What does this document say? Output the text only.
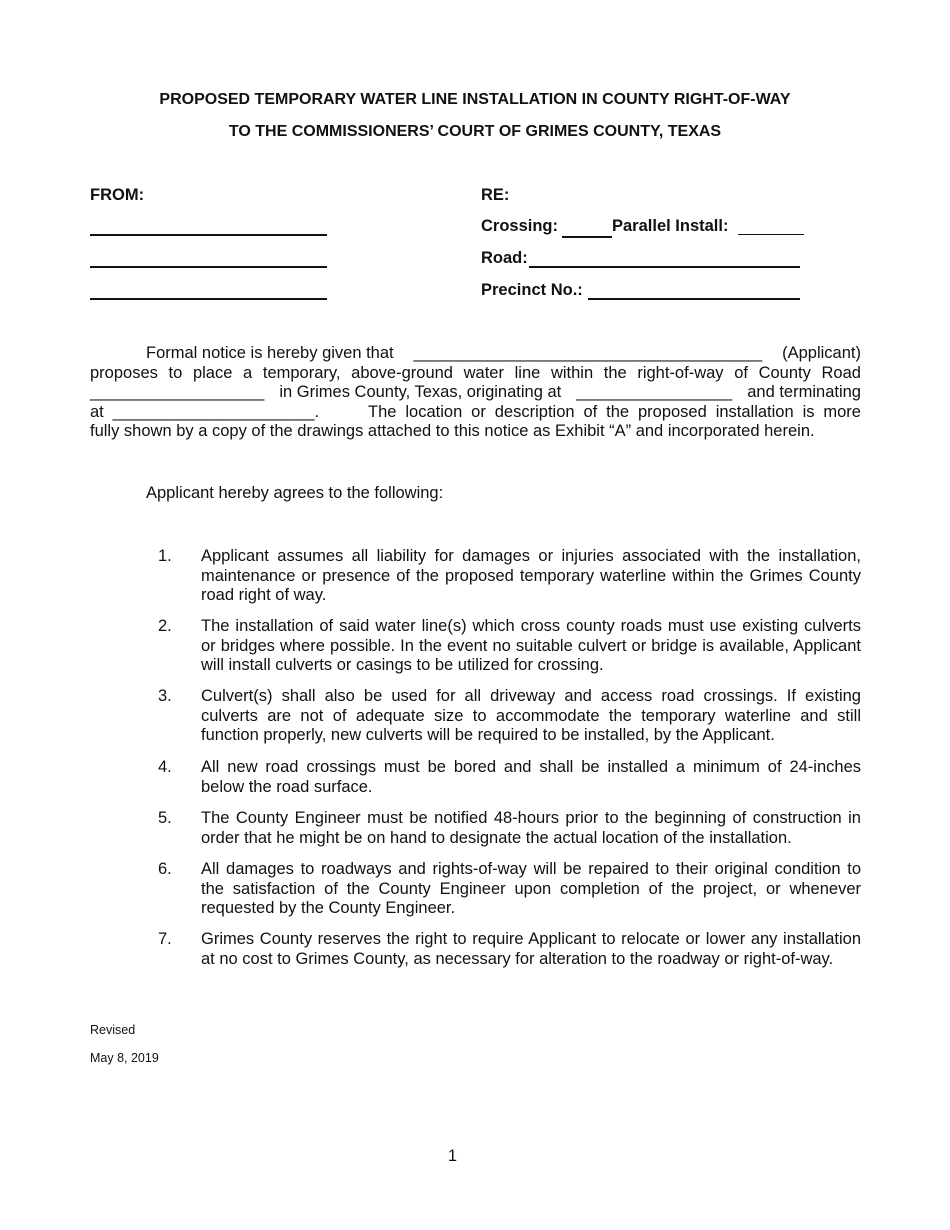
PROPOSED TEMPORARY WATER LINE INSTALLATION IN COUNTY RIGHT-OF-WAY
TO THE COMMISSIONERS’ COURT OF GRIMES COUNTY, TEXAS
FROM:	RE:
Crossing:	Parallel Install:
Road:
Precinct No.:
Formal notice is hereby given that ______________________________________ (Applicant)
proposes to place a temporary, above-ground water line within the right-of-way of County Road
___________________ in Grimes County, Texas, originating at _________________ and terminating
at ______________________.	The location or description of the proposed installation is more
fully shown by a copy of the drawings attached to this notice as Exhibit “A” and incorporated herein.
Applicant hereby agrees to the following:
1. Applicant assumes all liability for damages or injuries associated with the installation, maintenance or presence of the proposed temporary waterline within the Grimes County road right of way.
2. The installation of said water line(s) which cross county roads must use existing culverts or bridges where possible. In the event no suitable culvert or bridge is available, Applicant will install culverts or casings to be utilized for crossing.
3. Culvert(s) shall also be used for all driveway and access road crossings. If existing culverts are not of adequate size to accommodate the temporary waterline and still function properly, new culverts will be required to be installed, by the Applicant.
4. All new road crossings must be bored and shall be installed a minimum of 24-inches below the road surface.
5. The County Engineer must be notified 48-hours prior to the beginning of construction in order that he might be on hand to designate the actual location of the installation.
6. All damages to roadways and rights-of-way will be repaired to their original condition to the satisfaction of the County Engineer upon completion of the project, or whenever requested by the County Engineer.
7. Grimes County reserves the right to require Applicant to relocate or lower any installation at no cost to Grimes County, as necessary for alteration to the roadway or right-of-way.
Revised
May 8, 2019
1
